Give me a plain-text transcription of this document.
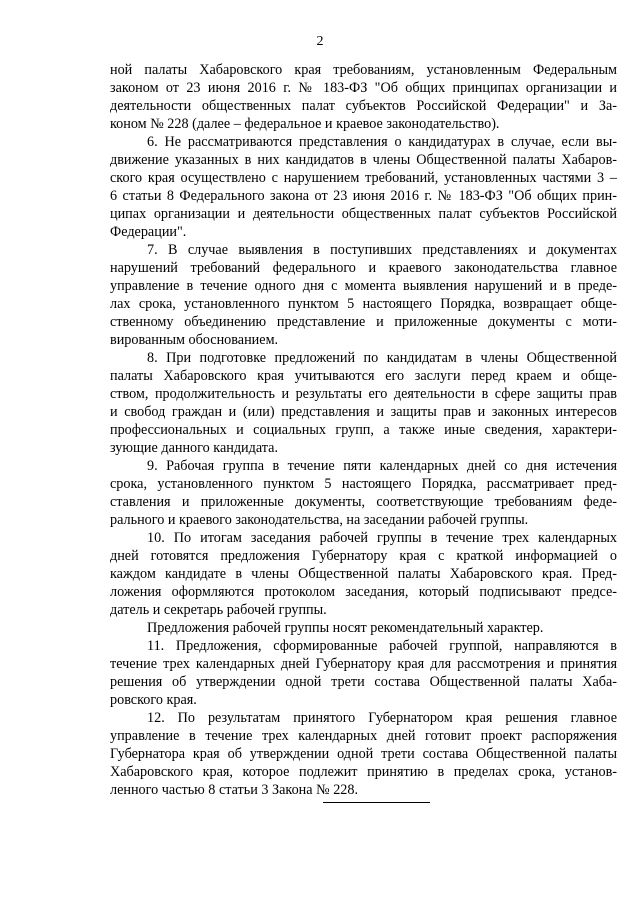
2
ной палаты Хабаровского края требованиям, установленным Федеральным
законом от 23 июня 2016 г. № 183-ФЗ "Об общих принципах организации и
деятельности общественных палат субъектов Российской Федерации" и За-
коном № 228 (далее – федеральное и краевое законодательство).
6. Не рассматриваются представления о кандидатурах в случае, если вы-
движение указанных в них кандидатов в члены Общественной палаты Хабаров-
ского края осуществлено с нарушением требований, установленных частями 3 –
6 статьи 8 Федерального закона от 23 июня 2016 г. № 183-ФЗ "Об общих прин-
ципах организации и деятельности общественных палат субъектов Российской
Федерации".
7. В случае выявления в поступивших представлениях и документах
нарушений требований федерального и краевого законодательства главное
управление в течение одного дня с момента выявления нарушений и в преде-
лах срока, установленного пунктом 5 настоящего Порядка, возвращает обще-
ственному объединению представление и приложенные документы с моти-
вированным обоснованием.
8. При подготовке предложений по кандидатам в члены Общественной
палаты Хабаровского края учитываются его заслуги перед краем и обще-
ством, продолжительность и результаты его деятельности в сфере защиты прав
и свобод граждан и (или) представления и защиты прав и законных интересов
профессиональных и социальных групп, а также иные сведения, характери-
зующие данного кандидата.
9. Рабочая группа в течение пяти календарных дней со дня истечения
срока, установленного пунктом 5 настоящего Порядка, рассматривает пред-
ставления и приложенные документы, соответствующие требованиям феде-
рального и краевого законодательства, на заседании рабочей группы.
10. По итогам заседания рабочей группы в течение трех календарных
дней готовятся предложения Губернатору края с краткой информацией о
каждом кандидате в члены Общественной палаты Хабаровского края. Пред-
ложения оформляются протоколом заседания, который подписывают предсе-
датель и секретарь рабочей группы.
Предложения рабочей группы носят рекомендательный характер.
11. Предложения, сформированные рабочей группой, направляются в
течение трех календарных дней Губернатору края для рассмотрения и принятия
решения об утверждении одной трети состава Общественной палаты Хаба-
ровского края.
12. По результатам принятого Губернатором края решения главное
управление в течение трех календарных дней готовит проект распоряжения
Губернатора края об утверждении одной трети состава Общественной палаты
Хабаровского края, которое подлежит принятию в пределах срока, установ-
ленного частью 8 статьи 3 Закона № 228.
